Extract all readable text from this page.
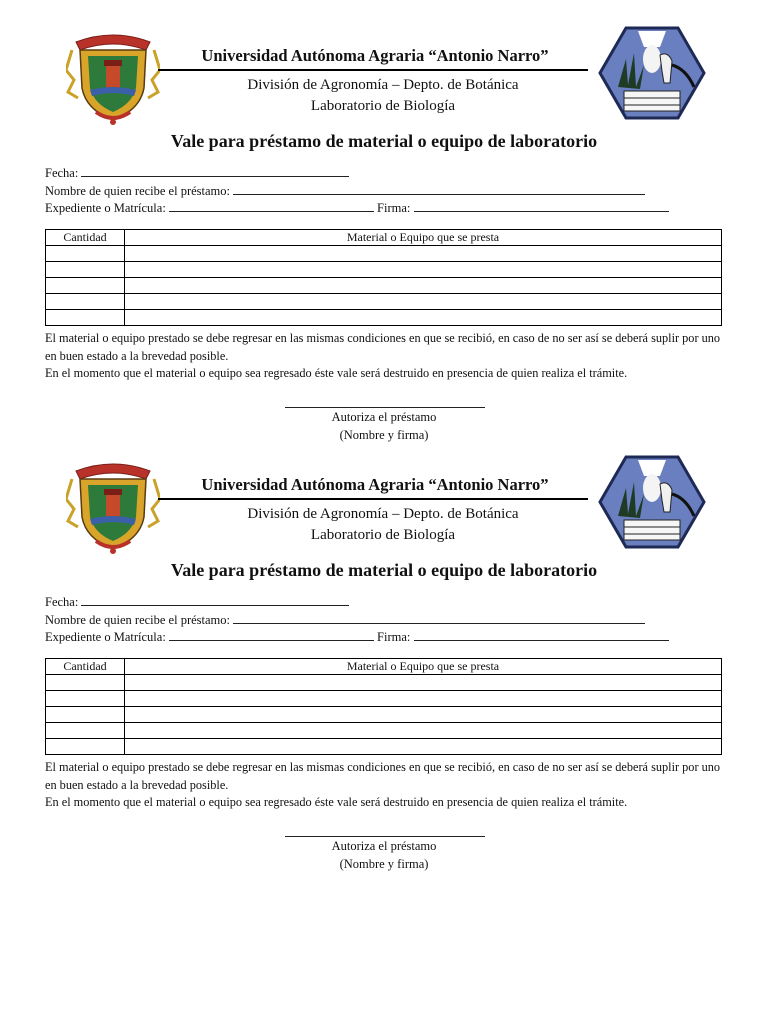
Universidad Autónoma Agraria “Antonio Narro”
División de Agronomía – Depto. de Botánica
Laboratorio de Biología
Vale para préstamo de material o equipo de laboratorio
Fecha:
Nombre de quien recibe el préstamo:
Expediente o Matrícula:	Firma:
Cantidad	Material o Equipo que se presta

El material o equipo prestado se debe regresar en las mismas condiciones en que se recibió, en caso de no ser así se deberá suplir por uno en buen estado a la brevedad posible.
En el momento que el material o equipo sea regresado éste vale será destruido en presencia de quien realiza el trámite.
Autoriza el préstamo
(Nombre y firma)
Universidad Autónoma Agraria “Antonio Narro”
División de Agronomía – Depto. de Botánica
Laboratorio de Biología
Vale para préstamo de material o equipo de laboratorio
Fecha:
Nombre de quien recibe el préstamo:
Expediente o Matrícula:	Firma:
Cantidad	Material o Equipo que se presta

El material o equipo prestado se debe regresar en las mismas condiciones en que se recibió, en caso de no ser así se deberá suplir por uno en buen estado a la brevedad posible.
En el momento que el material o equipo sea regresado éste vale será destruido en presencia de quien realiza el trámite.
Autoriza el préstamo
(Nombre y firma)
